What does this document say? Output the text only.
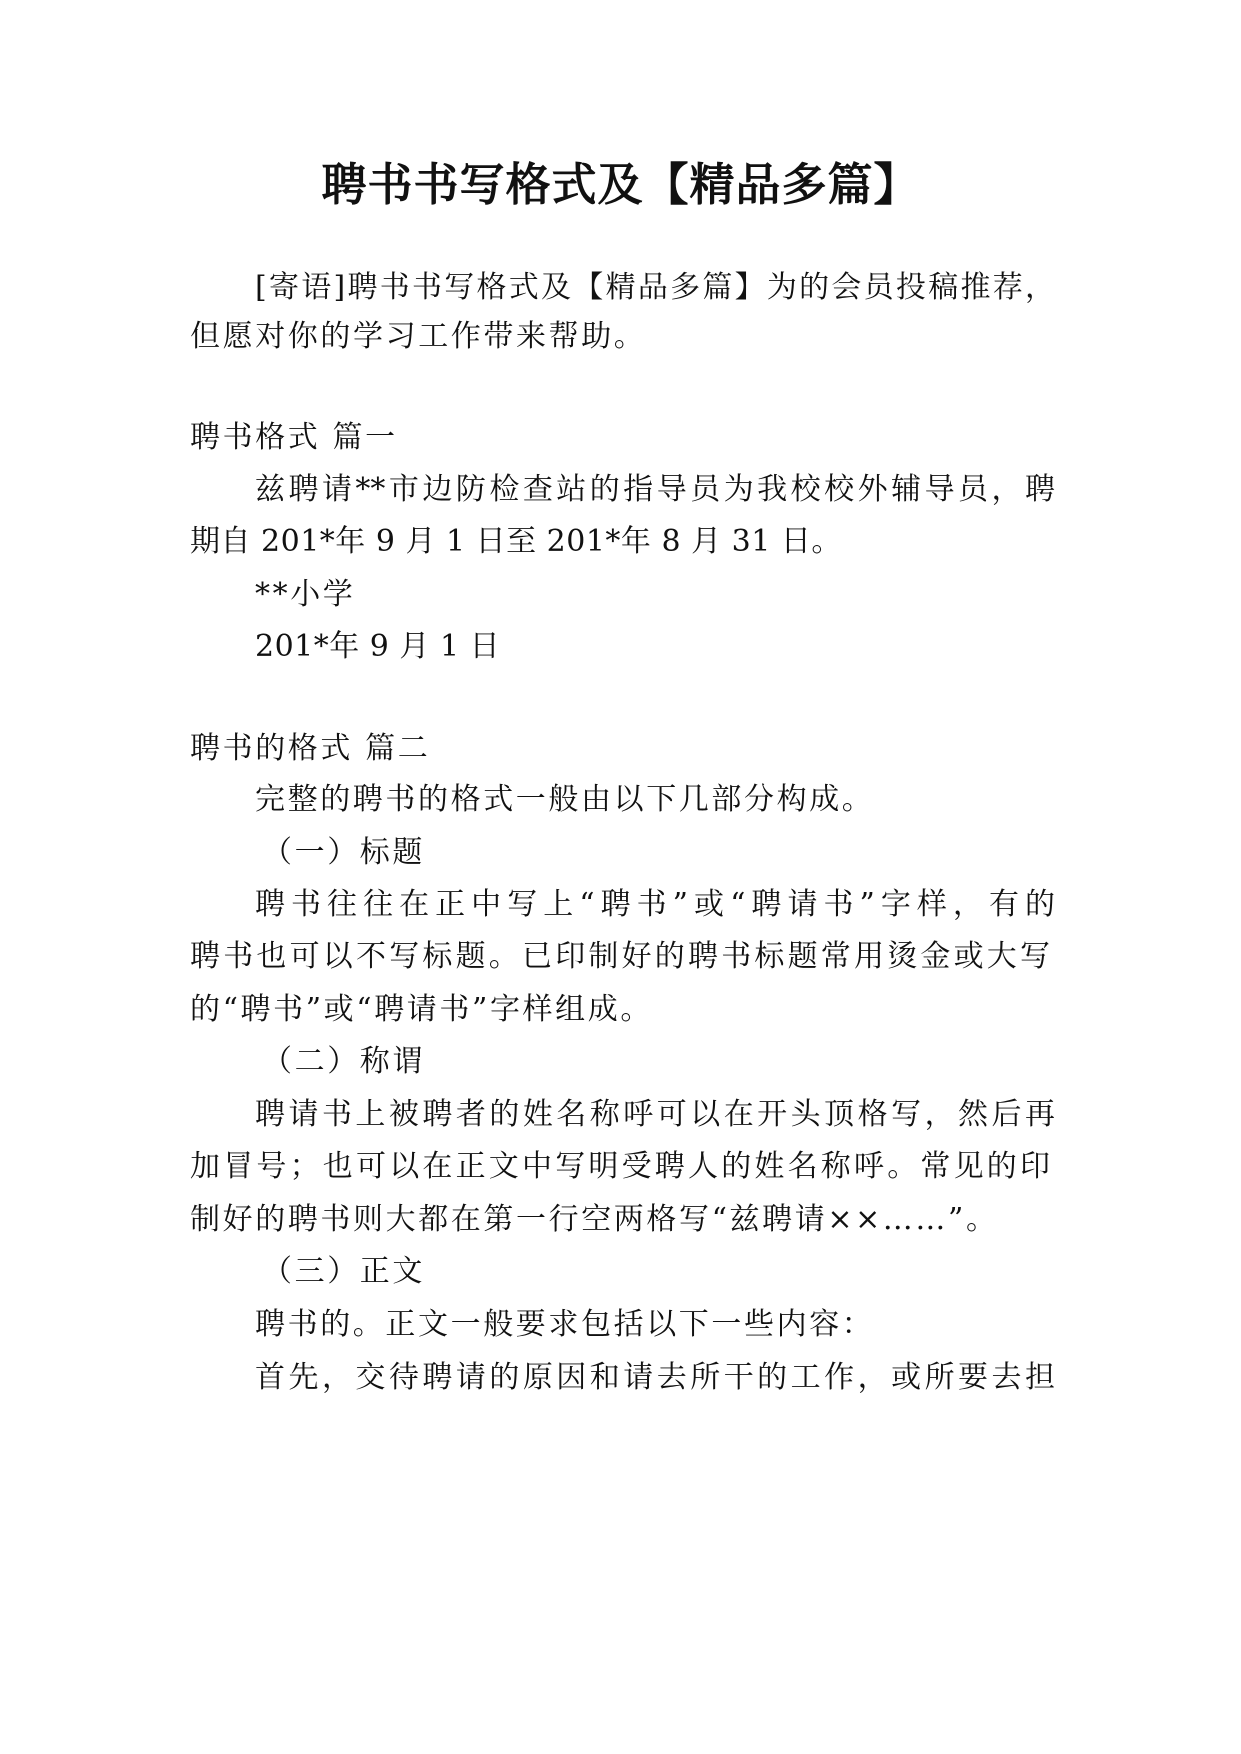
聘书书写格式及【精品多篇】
[寄语]聘书书写格式及【精品多篇】为的会员投稿推荐，
但愿对你的学习工作带来帮助。
聘书格式 篇一
兹聘请**市边防检查站的指导员为我校校外辅导员，聘
期自 201*年 9 月 1 日至 201*年 8 月 31 日。
**小学
201*年 9 月 1 日
聘书的格式 篇二
完整的聘书的格式一般由以下几部分构成。
（一）标题
聘书往往在正中写上“聘书”或“聘请书”字样，有的
聘书也可以不写标题。已印制好的聘书标题常用烫金或大写
的“聘书”或“聘请书”字样组成。
（二）称谓
聘请书上被聘者的姓名称呼可以在开头顶格写，然后再
加冒号；也可以在正文中写明受聘人的姓名称呼。常见的印
制好的聘书则大都在第一行空两格写“兹聘请××……”。
（三）正文
聘书的。正文一般要求包括以下一些内容：
首先，交待聘请的原因和请去所干的工作，或所要去担
